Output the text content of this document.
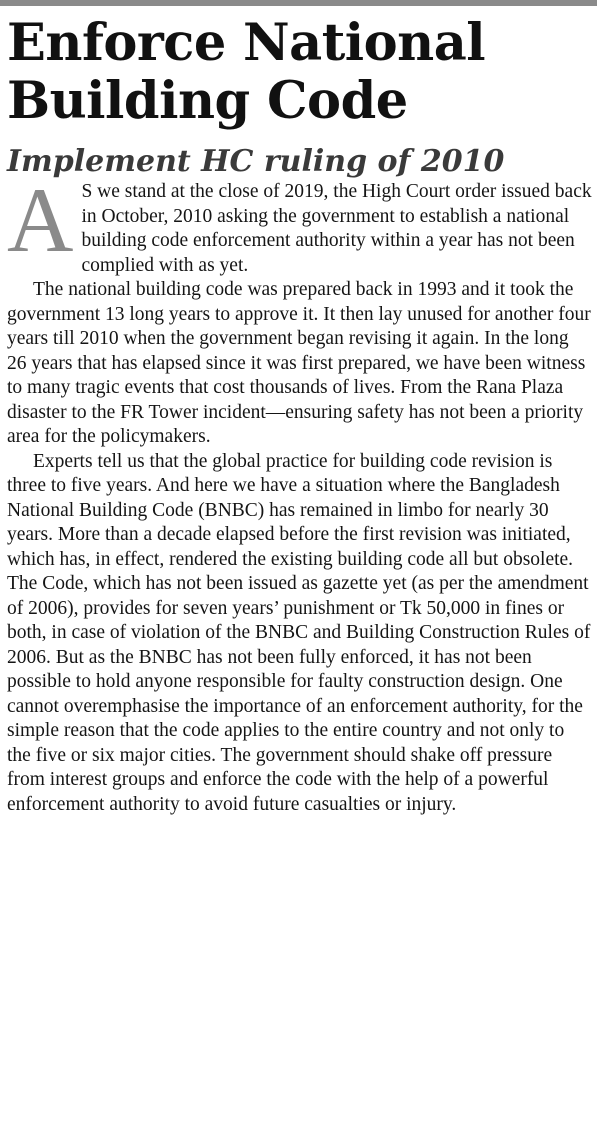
Enforce National
Building Code
Implement HC ruling of 2010

A S we stand at the close of 2019, the High Court order issued back in October, 2010 asking the government to establish a national building code enforcement authority within a year has not been complied with as yet.

The national building code was prepared back in 1993 and it took the government 13 long years to approve it. It then lay unused for another four years till 2010 when the government began revising it again. In the long 26 years that has elapsed since it was first prepared, we have been witness to many tragic events that cost thousands of lives. From the Rana Plaza disaster to the FR Tower incident—ensuring safety has not been a priority area for the policymakers.

Experts tell us that the global practice for building code revision is three to five years. And here we have a situation where the Bangladesh National Building Code (BNBC) has remained in limbo for nearly 30 years. More than a decade elapsed before the first revision was initiated, which has, in effect, rendered the existing building code all but obsolete. The Code, which has not been issued as gazette yet (as per the amendment of 2006), provides for seven years’ punishment or Tk 50,000 in fines or both, in case of violation of the BNBC and Building Construction Rules of 2006. But as the BNBC has not been fully enforced, it has not been possible to hold anyone responsible for faulty construction design. One cannot overemphasise the importance of an enforcement authority, for the simple reason that the code applies to the entire country and not only to the five or six major cities. The government should shake off pressure from interest groups and enforce the code with the help of a powerful enforcement authority to avoid future casualties or injury.
